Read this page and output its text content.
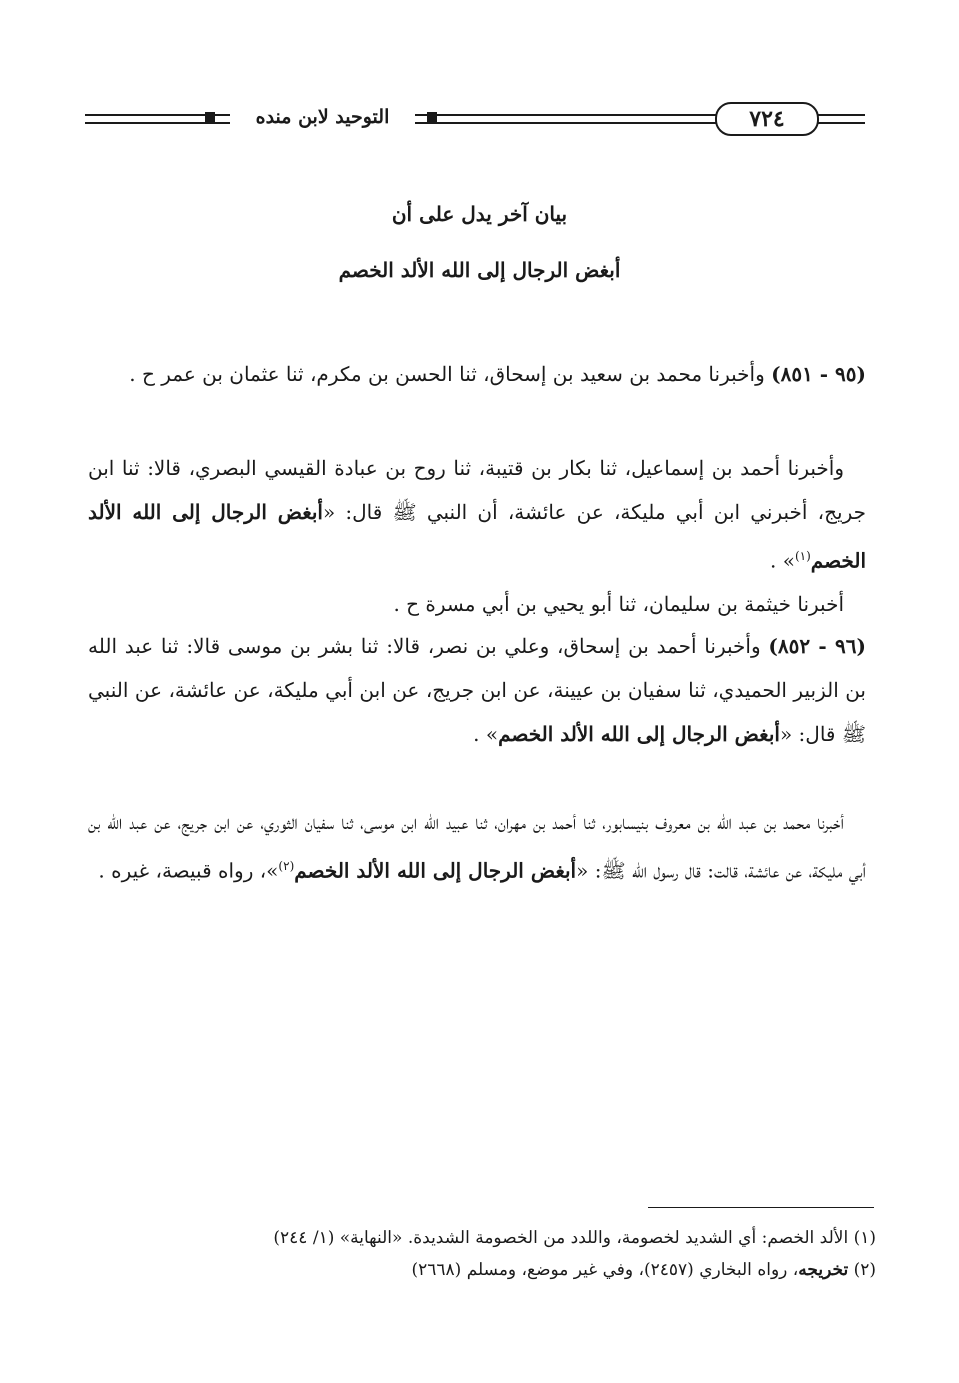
التوحيد لابن منده	٧٢٤
بيان آخر يدل على أن
أبغض الرجال إلى الله الألد الخصم
(٩٥ - ٨٥١) وأخبرنا محمد بن سعيد بن إسحاق، ثنا الحسن بن مكرم، ثنا عثمان بن عمر ح .
وأخبرنا أحمد بن إسماعيل، ثنا بكار بن قتيبة، ثنا روح بن عبادة القيسي البصري، قالا: ثنا ابن جريج، أخبرني ابن أبي مليكة، عن عائشة، أن النبي ﷺ قال: «أبغض الرجال إلى الله الألد الخصم$^{(١)}$» .
أخبرنا خيثمة بن سليمان، ثنا أبو يحيي بن أبي مسرة ح .
(٩٦ - ٨٥٢) وأخبرنا أحمد بن إسحاق، وعلي بن نصر، قالا: ثنا بشر بن موسى قالا: ثنا عبد الله بن الزبير الحميدي، ثنا سفيان بن عيينة، عن ابن جريج، عن ابن أبي مليكة، عن عائشة، عن النبي ﷺ قال: «أبغض الرجال إلى الله الألد الخصم» .
أخبرنا محمد بن عبد الله بن معروف بنيسابور، ثنا أحمد بن مهران، ثنا عبيد الله ابن موسى، ثنا سفيان الثوري، عن ابن جريج، عن عبد الله بن أبي مليكة، عن عائشة، قالت: قال رسول الله ﷺ: «أبغض الرجال إلى الله الألد الخصم$^{(٢)}$»، رواه قبيصة، غيره .
(١) الألد الخصم: أي الشديد لخصومة، واللدد من الخصومة الشديدة. «النهاية» (١/ ٢٤٤)
(٢) تخريجه، رواه البخاري (٢٤٥٧)، وفي غير موضع، ومسلم (٢٦٦٨)
